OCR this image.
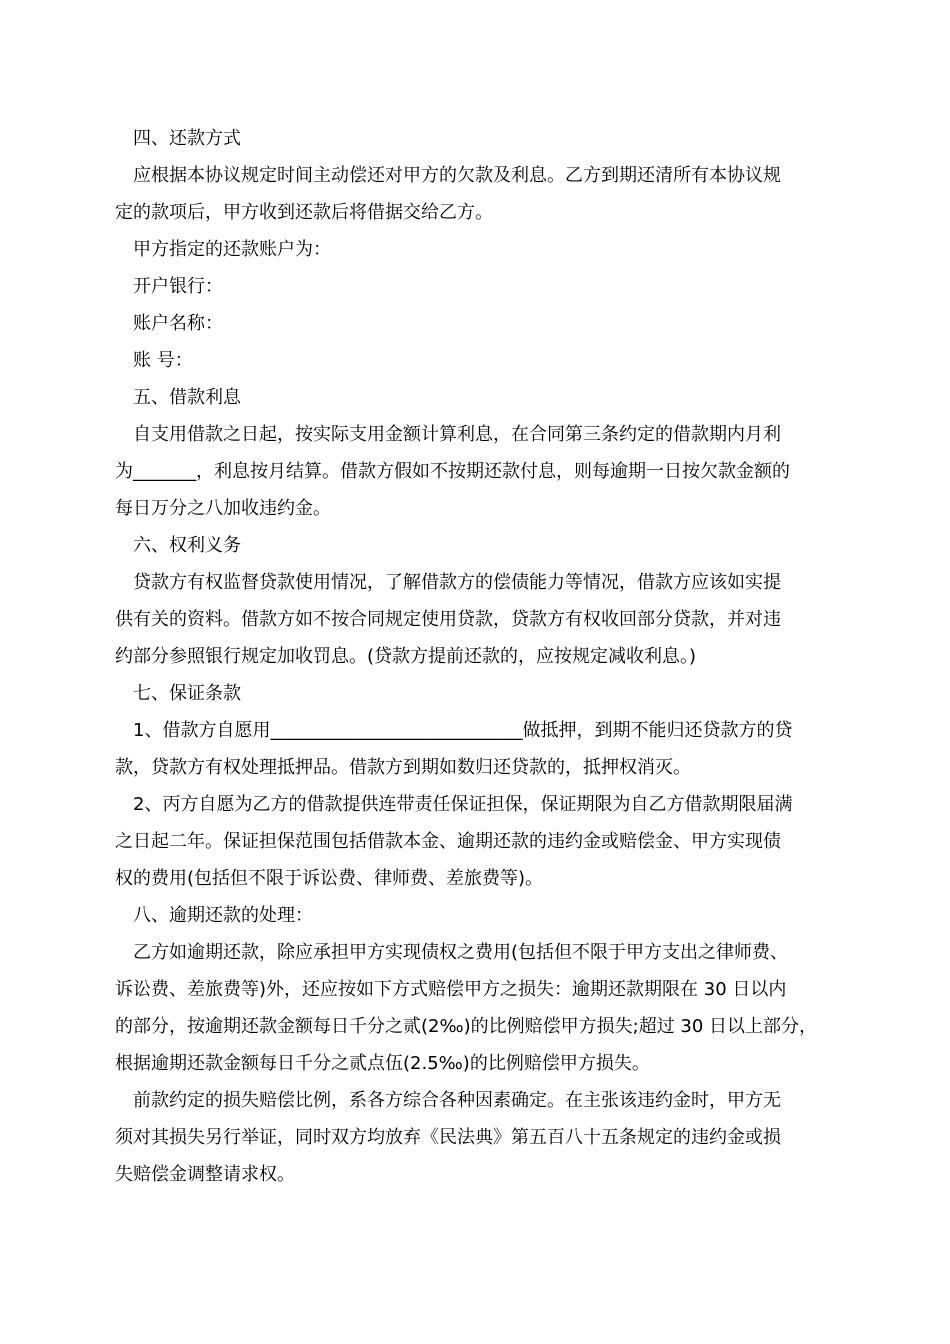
　四、还款方式
　应根据本协议规定时间主动偿还对甲方的欠款及利息。乙方到期还清所有本协议规
定的款项后，甲方收到还款后将借据交给乙方。
　甲方指定的还款账户为：
　开户银行：
　账户名称：
　账 号：
　五、借款利息
　自支用借款之日起，按实际支用金额计算利息，在合同第三条约定的借款期内月利
为_______，利息按月结算。借款方假如不按期还款付息，则每逾期一日按欠款金额的
每日万分之八加收违约金。
　六、权利义务
　贷款方有权监督贷款使用情况，了解借款方的偿债能力等情况，借款方应该如实提
供有关的资料。借款方如不按合同规定使用贷款，贷款方有权收回部分贷款，并对违
约部分参照银行规定加收罚息。(贷款方提前还款的，应按规定减收利息。)
　七、保证条款
　1、借款方自愿用____________________________做抵押，到期不能归还贷款方的贷
款，贷款方有权处理抵押品。借款方到期如数归还贷款的，抵押权消灭。
　2、丙方自愿为乙方的借款提供连带责任保证担保，保证期限为自乙方借款期限届满
之日起二年。保证担保范围包括借款本金、逾期还款的违约金或赔偿金、甲方实现债
权的费用(包括但不限于诉讼费、律师费、差旅费等)。
　八、逾期还款的处理：
　乙方如逾期还款，除应承担甲方实现债权之费用(包括但不限于甲方支出之律师费、
诉讼费、差旅费等)外，还应按如下方式赔偿甲方之损失：逾期还款期限在 30 日以内
的部分，按逾期还款金额每日千分之贰(2‰)的比例赔偿甲方损失;超过 30 日以上部分，
根据逾期还款金额每日千分之贰点伍(2.5‰)的比例赔偿甲方损失。
　前款约定的损失赔偿比例，系各方综合各种因素确定。在主张该违约金时，甲方无
须对其损失另行举证，同时双方均放弃《民法典》第五百八十五条规定的违约金或损
失赔偿金调整请求权。
